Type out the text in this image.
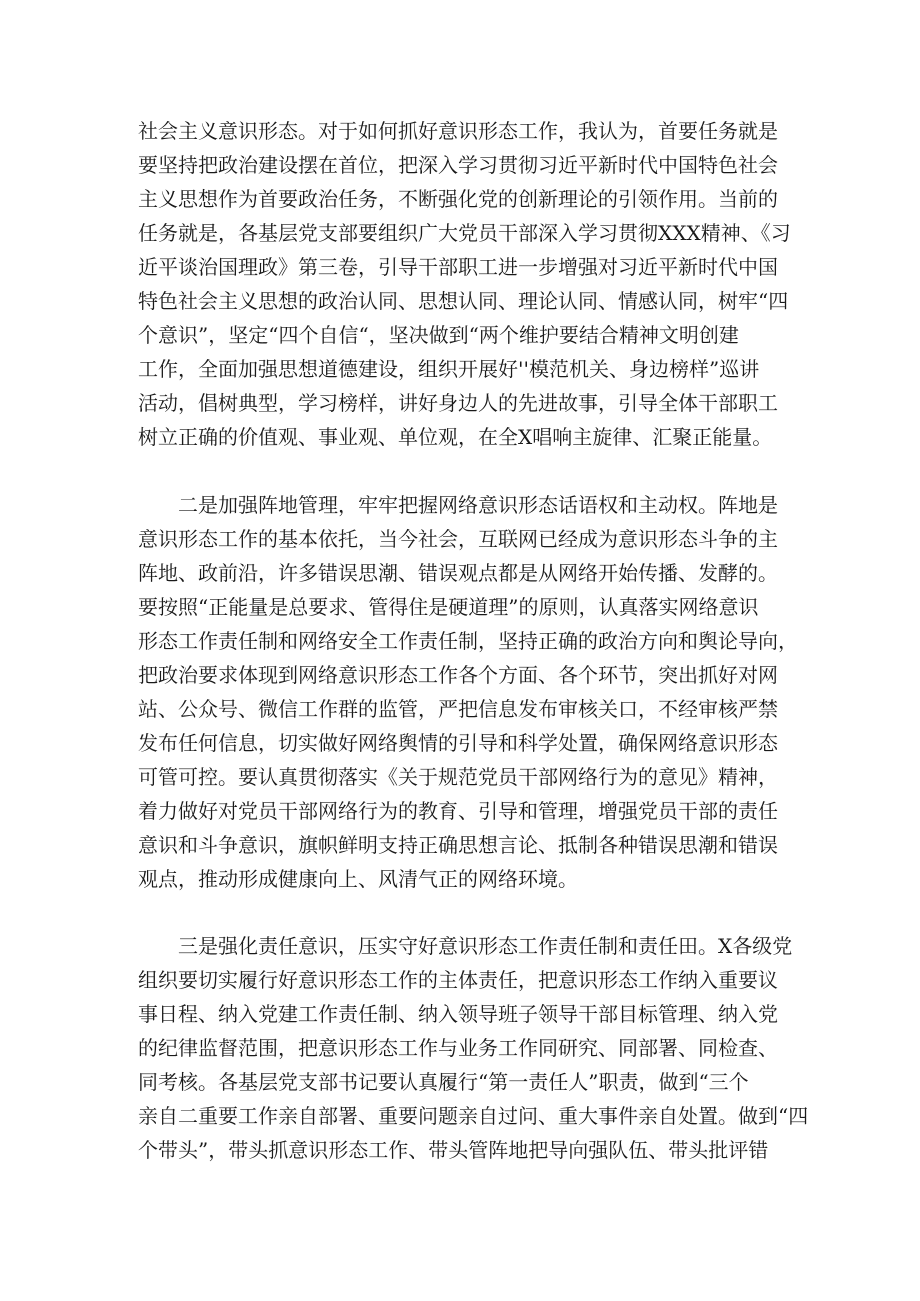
社会主义意识形态。对于如何抓好意识形态工作，我认为，首要任务就是
要坚持把政治建设摆在首位，把深入学习贯彻习近平新时代中国特色社会
主义思想作为首要政治任务，不断强化党的创新理论的引领作用。当前的
任务就是，各基层党支部要组织广大党员干部深入学习贯彻XXX精神、《习
近平谈治国理政》第三卷，引导干部职工进一步增强对习近平新时代中国
特色社会主义思想的政治认同、思想认同、理论认同、情感认同，树牢“四
个意识”，坚定“四个自信“，坚决做到“两个维护要结合精神文明创建
工作，全面加强思想道德建设，组织开展好''模范机关、身边榜样”巡讲
活动，倡树典型，学习榜样，讲好身边人的先进故事，引导全体干部职工
树立正确的价值观、事业观、单位观，在全X唱响主旋律、汇聚正能量。
　　二是加强阵地管理，牢牢把握网络意识形态话语权和主动权。阵地是
意识形态工作的基本依托，当今社会，互联网已经成为意识形态斗争的主
阵地、政前沿，许多错误思潮、错误观点都是从网络开始传播、发酵的。
要按照“正能量是总要求、管得住是硬道理”的原则，认真落实网络意识
形态工作责任制和网络安全工作责任制，坚持正确的政治方向和舆论导向，
把政治要求体现到网络意识形态工作各个方面、各个环节，突出抓好对网
站、公众号、微信工作群的监管，严把信息发布审核关口，不经审核严禁
发布任何信息，切实做好网络舆情的引导和科学处置，确保网络意识形态
可管可控。要认真贯彻落实《关于规范党员干部网络行为的意见》精神，
着力做好对党员干部网络行为的教育、引导和管理，增强党员干部的责任
意识和斗争意识，旗帜鲜明支持正确思想言论、抵制各种错误思潮和错误
观点，推动形成健康向上、风清气正的网络环境。
　　三是强化责任意识，压实守好意识形态工作责任制和责任田。X各级党
组织要切实履行好意识形态工作的主体责任，把意识形态工作纳入重要议
事日程、纳入党建工作责任制、纳入领导班子领导干部目标管理、纳入党
的纪律监督范围，把意识形态工作与业务工作同研究、同部署、同检查、
同考核。各基层党支部书记要认真履行“第一责任人”职责，做到“三个
亲自二重要工作亲自部署、重要问题亲自过问、重大事件亲自处置。做到“四
个带头”，带头抓意识形态工作、带头管阵地把导向强队伍、带头批评错
